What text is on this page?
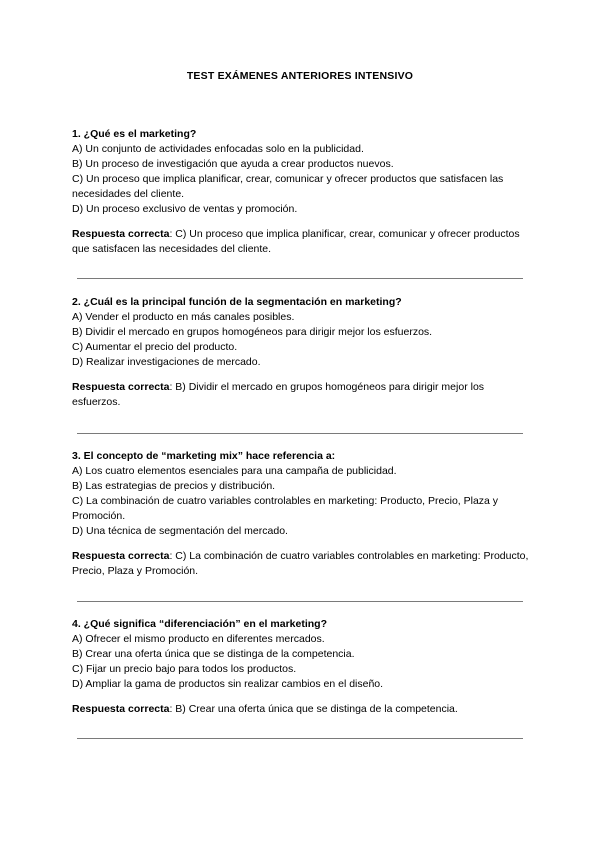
TEST EXÁMENES ANTERIORES INTENSIVO

1. ¿Qué es el marketing?

A) Un conjunto de actividades enfocadas solo en la publicidad.

B) Un proceso de investigación que ayuda a crear productos nuevos.

C) Un proceso que implica planificar, crear, comunicar y ofrecer productos que satisfacen las necesidades del cliente.

D) Un proceso exclusivo de ventas y promoción.

Respuesta correcta: C) Un proceso que implica planificar, crear, comunicar y ofrecer productos que satisfacen las necesidades del cliente.

2. ¿Cuál es la principal función de la segmentación en marketing?

A) Vender el producto en más canales posibles.

B) Dividir el mercado en grupos homogéneos para dirigir mejor los esfuerzos.

C) Aumentar el precio del producto.

D) Realizar investigaciones de mercado.

Respuesta correcta: B) Dividir el mercado en grupos homogéneos para dirigir mejor los esfuerzos.

3. El concepto de “marketing mix” hace referencia a:

A) Los cuatro elementos esenciales para una campaña de publicidad.

B) Las estrategias de precios y distribución.

C) La combinación de cuatro variables controlables en marketing: Producto, Precio, Plaza y Promoción.

D) Una técnica de segmentación del mercado.

Respuesta correcta: C) La combinación de cuatro variables controlables en marketing: Producto, Precio, Plaza y Promoción.

4. ¿Qué significa “diferenciación” en el marketing?

A) Ofrecer el mismo producto en diferentes mercados.

B) Crear una oferta única que se distinga de la competencia.

C) Fijar un precio bajo para todos los productos.

D) Ampliar la gama de productos sin realizar cambios en el diseño.

Respuesta correcta: B) Crear una oferta única que se distinga de la competencia.
